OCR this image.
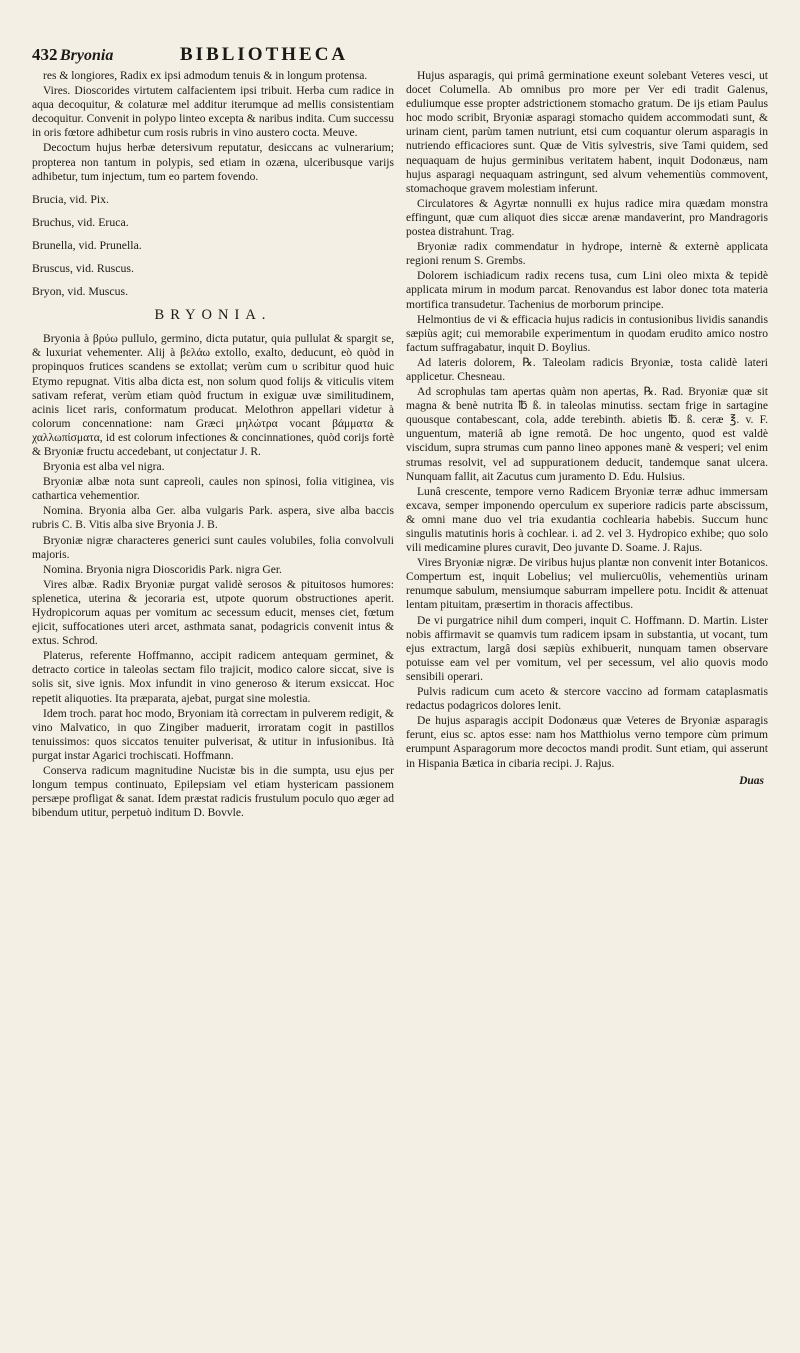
432 Bryonia	BIBLIOTHECA

res & longiores, Radix ex ipsi admodum tenuis & in longum protensa.

Vires. Dioscorides virtutem calfacientem ipsi tribuit. Herba cum radice in aqua decoquitur, & colaturæ mel additur iterumque ad mellis consistentiam decoquitur. Convenit in polypo linteo excepta & naribus indita. Cum successu in oris fœtore adhibetur cum rosis rubris in vino austero cocta. Meuve.

Decoctum hujus herbæ detersivum reputatur, desiccans ac vulnerarium; propterea non tantum in polypis, sed etiam in ozæna, ulceribusque varijs adhibetur, tum injectum, tum eo partem fovendo.

Brucia, vid. Pix.

Bruchus, vid. Eruca.

Brunella, vid. Prunella.

Bruscus, vid. Ruscus.

Bryon, vid. Muscus.

BRYONIA.

Bryonia à βρύω pullulo, germino, dicta putatur, quia pullulat & spargit se, & luxuriat vehementer. Alij à βελάω extollo, exalto, deducunt, eò quòd in propinquos frutices scandens se extollat; verùm cum υ scribitur quod huic Etymo repugnat. Vitis alba dicta est, non solum quod folijs & viticulis vitem sativam referat, verùm etiam quòd fructum in exiguæ uvæ similitudinem, acinis licet raris, conformatum producat. Melothron appellari videtur à colorum concennatione: nam Græci μηλώτρα vocant βάμματα & χαλλωπίσματα, id est colorum infectiones & concinnationes, quòd corijs fortè & Bryoniæ fructu accedebant, ut conjectatur J. R.

Bryonia est alba vel nigra.

Bryoniæ albæ nota sunt capreoli, caules non spinosi, folia vitiginea, vis cathartica vehementior.

Nomina. Bryonia alba Ger. alba vulgaris Park. aspera, sive alba baccis rubris C. B. Vitis alba sive Bryonia J. B.

Bryoniæ nigræ characteres generici sunt caules volubiles, folia convolvuli majoris.

Nomina. Bryonia nigra Dioscoridis Park. nigra Ger.

Vires albæ. Radix Bryoniæ purgat validè serosos & pituitosos humores: splenetica, uterina & jecoraria est, utpote quorum obstructiones aperit. Hydropicorum aquas per vomitum ac secessum educit, menses ciet, fœtum ejicit, suffocationes uteri arcet, asthmata sanat, podagricis convenit intus & extus. Schrod.

Platerus, referente Hoffmanno, accipit radicem antequam germinet, & detracto cortice in taleolas sectam filo trajicit, modico calore siccat, sive is solis sit, sive ignis. Mox infundit in vino generoso & iterum exsiccat. Hoc repetit aliquoties. Ita præparata, ajebat, purgat sine molestia.

Idem troch. parat hoc modo, Bryoniam ità correctam in pulverem redigit, & vino Malvatico, in quo Zingiber maduerit, irroratam cogit in pastillos tenuissimos: quos siccatos tenuiter pulverisat, & utitur in infusionibus. Ità purgat instar Agarici trochiscati. Hoffmann.

Conserva radicum magnitudine Nucistæ bis in die sumpta, usu ejus per longum tempus continuato, Epilepsiam vel etiam hystericam passionem persæpe profligat & sanat. Idem præstat radicis frustulum poculo quo æger ad bibendum utitur, perpetuò inditum D. Bovvle.

Hujus asparagis, qui primâ germinatione exeunt solebant Veteres vesci, ut docet Columella. Ab omnibus pro more per Ver edi tradit Galenus, eduliumque esse propter adstrictionem stomacho gratum. De ijs etiam Paulus hoc modo scribit, Bryoniæ asparagi stomacho quidem accommodati sunt, & urinam cient, parùm tamen nutriunt, etsi cum coquantur olerum asparagis in nutriendo efficaciores sunt. Quæ de Vitis sylvestris, sive Tami quidem, sed nequaquam de hujus germinibus veritatem habent, inquit Dodonæus, nam hujus asparagi nequaquam astringunt, sed alvum vehementiùs commovent, stomachoque gravem molestiam inferunt.

Circulatores & Agyrtæ nonnulli ex hujus radice mira quædam monstra effingunt, quæ cum aliquot dies siccæ arenæ mandaverint, pro Mandragoris postea distrahunt. Trag.

Bryoniæ radix commendatur in hydrope, internè & externè applicata regioni renum S. Grembs.

Dolorem ischiadicum radix recens tusa, cum Lini oleo mixta & tepidè applicata mirum in modum parcat. Renovandus est labor donec tota materia mortifica transudetur. Tachenius de morborum principe.

Helmontius de vi & efficacia hujus radicis in contusionibus lividis sanandis sæpiùs agit; cui memorabile experimentum in quodam erudito amico nostro factum suffragabatur, inquit D. Boylius.

Ad lateris dolorem, ℞. Taleolam radicis Bryoniæ, tosta calidè lateri applicetur. Chesneau.

Ad scrophulas tam apertas quàm non apertas, ℞. Rad. Bryoniæ quæ sit magna & benè nutrita ℔ ß. in taleolas minutiss. sectam frige in sartagine quousque contabescant, cola, adde terebinth. abietis ℔. ß. ceræ ℥. v. F. unguentum, materiâ ab igne remotâ. De hoc ungento, quod est valdè viscidum, supra strumas cum panno lineo appones manè & vesperi; vel enim strumas resolvit, vel ad suppurationem deducit, tandemque sanat ulcera. Nunquam fallit, ait Zacutus cum juramento D. Edu. Hulsius.

Lunâ crescente, tempore verno Radicem Bryoniæ terræ adhuc immersam excava, semper imponendo operculum ex superiore radicis parte abscissum, & omni mane duo vel tria exudantia cochlearia habebis. Succum hunc singulis matutinis horis à cochlear. i. ad 2. vel 3. Hydropico exhibe; quo solo vili medicamine plures curavit, Deo juvante D. Soame. J. Rajus.

Vires Bryoniæ nigræ. De viribus hujus plantæ non convenit inter Botanicos. Compertum est, inquit Lobelius; vel muliercu0lis, vehementiùs urinam renumque sabulum, mensiumque saburram impellere potu. Incidit & attenuat lentam pituitam, præsertim in thoracis affectibus.

De vi purgatrice nihil dum comperi, inquit C. Hoffmann. D. Martin. Lister nobis affirmavit se quamvis tum radicem ipsam in substantia, ut vocant, tum ejus extractum, largâ dosi sæpiùs exhibuerit, nunquam tamen observare potuisse eam vel per vomitum, vel per secessum, vel alio quovis modo sensibili operari.

Pulvis radicum cum aceto & stercore vaccino ad formam cataplasmatis redactus podagricos dolores lenit.

De hujus asparagis accipit Dodonæus quæ Veteres de Bryoniæ asparagis ferunt, eius sc. aptos esse: nam hos Matthiolus verno tempore cùm primum erumpunt Asparagorum more decoctos mandi prodit. Sunt etiam, qui asserunt in Hispania Bætica in cibaria recipi. J. Rajus.

Duas
